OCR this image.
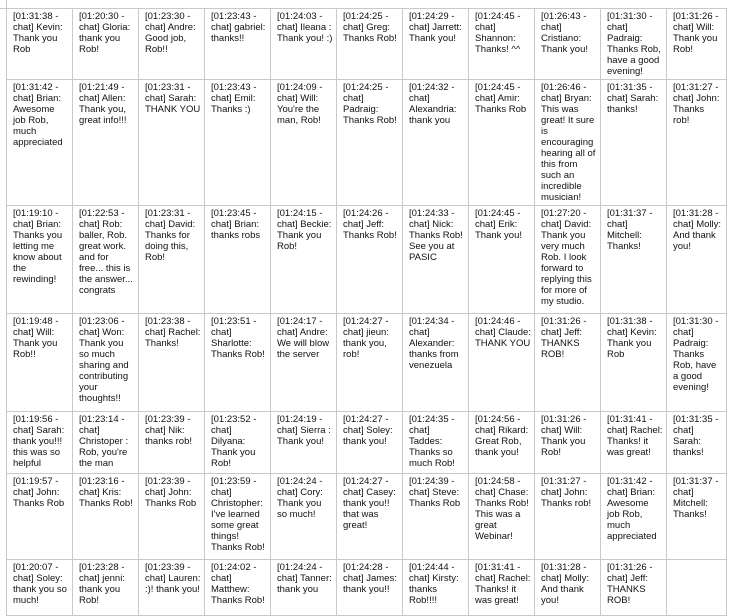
[01:31:38 - chat] Kevin: Thank you Rob	[01:20:30 - chat] Gloria: thank you Rob!	[01:23:30 - chat] Andre: Good job, Rob!!	[01:23:43 - chat] gabriel: thanks!!	[01:24:03 - chat] Ileana : Thank you! :)	[01:24:25 - chat] Greg: Thanks Rob!	[01:24:29 - chat] Jarrett: Thank you!	[01:24:45 - chat] Shannon: Thanks! ^^	[01:26:43 - chat] Cristiano: Thank you!	[01:31:30 - chat] Padraig: Thanks Rob, have a good evening!	[01:31:26 - chat] Will: Thank you Rob!
[01:31:42 - chat] Brian: Awesome job Rob, much appreciated	[01:21:49 - chat] Allen: Thank you, great info!!!	[01:23:31 - chat] Sarah: THANK YOU	[01:23:43 - chat] Emil: Thanks :)	[01:24:09 - chat] Will: You're the man, Rob!	[01:24:25 - chat] Padraig: Thanks Rob!	[01:24:32 - chat] Alexandria: thank you	[01:24:45 - chat] Amir: Thanks Rob	[01:26:46 - chat] Bryan: This was great! It sure is encouraging hearing all of this from such an incredible musician!	[01:31:35 - chat] Sarah: thanks!	[01:31:27 - chat] John: Thanks rob!
[01:19:10 - chat] Brian: Thanks you letting me know about the rewinding!	[01:22:53 - chat] Rob: baller, Rob. great work. and for free... this is the answer... congrats	[01:23:31 - chat] David: Thanks for doing this, Rob!	[01:23:45 - chat] Brian: thanks robs	[01:24:15 - chat] Beckie: Thank you Rob!	[01:24:26 - chat] Jeff: Thanks Rob!	[01:24:33 - chat] Nick: Thanks Rob! See you at PASIC	[01:24:45 - chat] Erik: Thank you!	[01:27:20 - chat] David: Thank you very much Rob. I look forward to replying this for more of my studio.	[01:31:37 - chat] Mitchell: Thanks!	[01:31:28 - chat] Molly: And thank you!
[01:19:48 - chat] Will: Thank you Rob!!	[01:23:06 - chat] Won: Thank you so much sharing and contributing your thoughts!!	[01:23:38 - chat] Rachel: Thanks!	[01:23:51 - chat] Sharlotte: Thanks Rob!	[01:24:17 - chat] Andre: We will blow the server	[01:24:27 - chat] jieun: thank you, rob!	[01:24:34 - chat] Alexander: thanks from venezuela	[01:24:46 - chat] Claude: THANK YOU	[01:31:26 - chat] Jeff: THANKS ROB!	[01:31:38 - chat] Kevin: Thank you Rob	[01:31:30 - chat] Padraig: Thanks Rob, have a good evening!
[01:19:56 - chat] Sarah: thank you!!! this was so helpful	[01:23:14 - chat] Christoper : Rob, you're the man	[01:23:39 - chat] Nik: thanks rob!	[01:23:52 - chat] Dilyana: Thank you Rob!	[01:24:19 - chat] Sierra : Thank you!	[01:24:27 - chat] Soley: thank you!	[01:24:35 - chat] Taddes: Thanks so much Rob!	[01:24:56 - chat] Rikard: Great Rob, thank you!	[01:31:26 - chat] Will: Thank you Rob!	[01:31:41 - chat] Rachel: Thanks! it was great!	[01:31:35 - chat] Sarah: thanks!
[01:19:57 - chat] John: Thanks Rob	[01:23:16 - chat] Kris: Thanks Rob!	[01:23:39 - chat] John: Thanks Rob	[01:23:59 - chat] Christopher: I've learned some great things! Thanks Rob!	[01:24:24 - chat] Cory: Thank you so much!	[01:24:27 - chat] Casey: thank you!! that was great!	[01:24:39 - chat] Steve: Thanks Rob	[01:24:58 - chat] Chase: Thanks Rob! This was a great Webinar!	[01:31:27 - chat] John: Thanks rob!	[01:31:42 - chat] Brian: Awesome job Rob, much appreciated	[01:31:37 - chat] Mitchell: Thanks!
[01:20:07 - chat] Soley: thank you so much!	[01:23:28 - chat] jenni: thank you Rob!	[01:23:39 - chat] Lauren: :)! thank you!	[01:24:02 - chat] Matthew: Thanks Rob!	[01:24:24 - chat] Tanner: thank you	[01:24:28 - chat] James: thank you!!	[01:24:44 - chat] Kirsty: thanks Rob!!!!	[01:31:41 - chat] Rachel: Thanks! it was great!	[01:31:28 - chat] Molly: And thank you!	[01:31:26 - chat] Jeff: THANKS ROB!	
